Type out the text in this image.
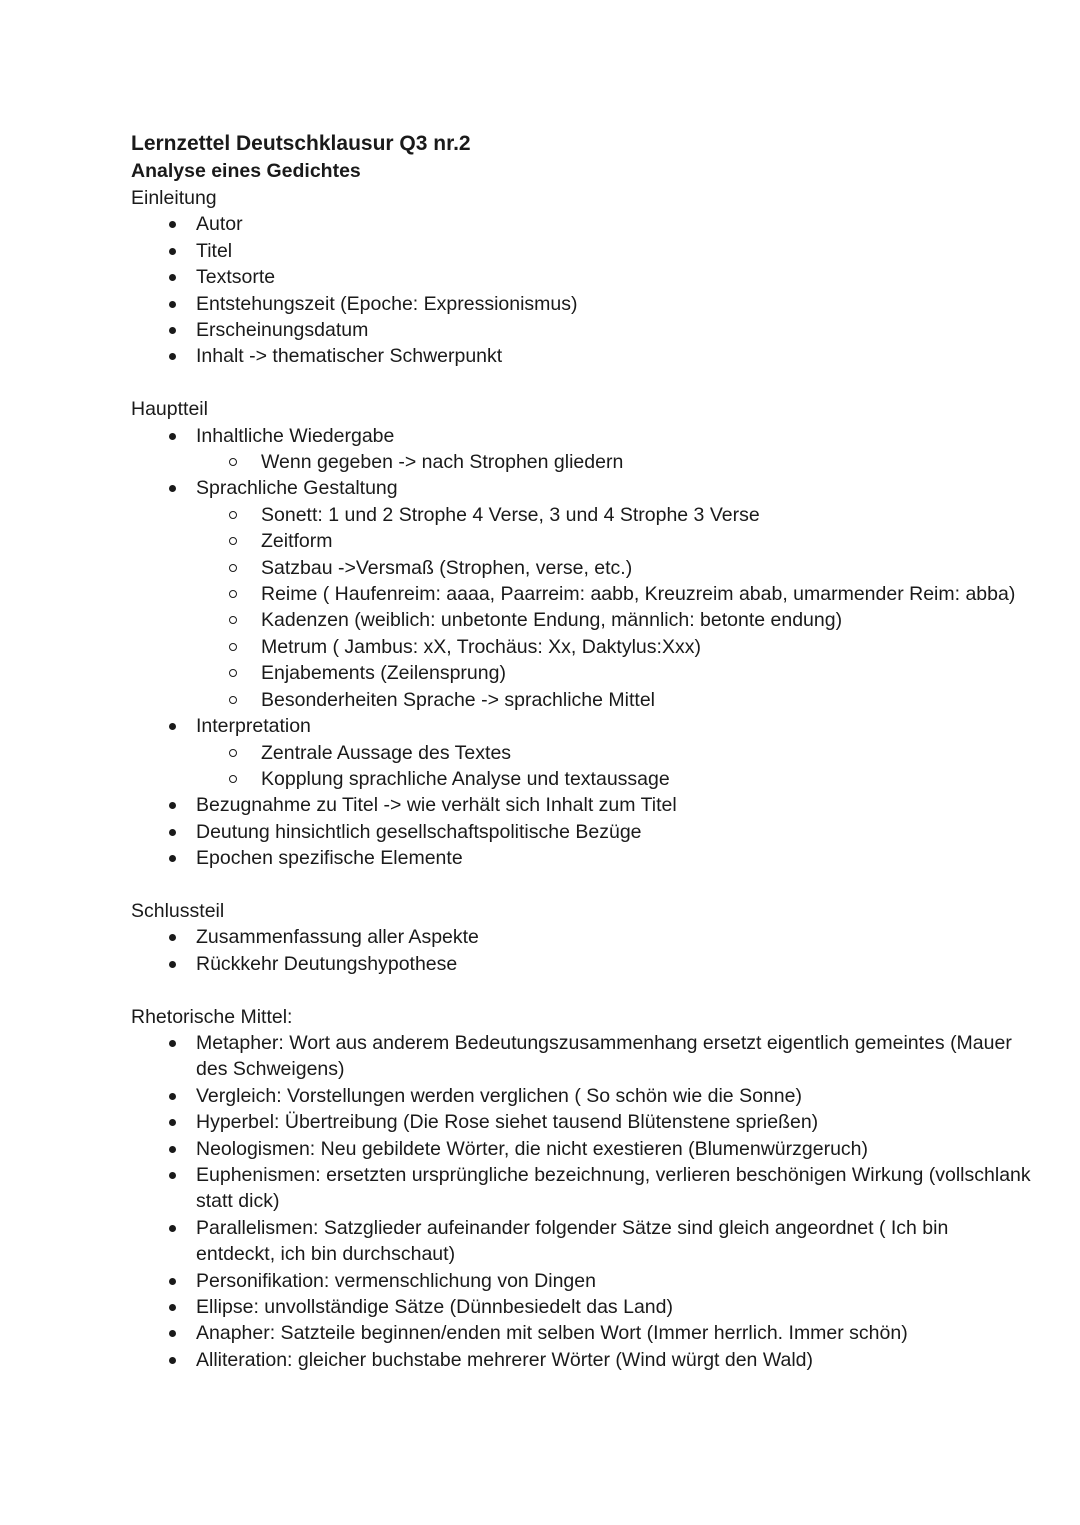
Lernzettel Deutschklausur Q3 nr.2
Analyse eines Gedichtes
Einleitung
Autor
Titel
Textsorte
Entstehungszeit (Epoche: Expressionismus)
Erscheinungsdatum
Inhalt -> thematischer Schwerpunkt
Hauptteil
Inhaltliche Wiedergabe
Wenn gegeben -> nach Strophen gliedern
Sprachliche Gestaltung
Sonett: 1 und 2 Strophe 4 Verse, 3 und 4 Strophe 3 Verse
Zeitform
Satzbau ->Versmaß (Strophen, verse, etc.)
Reime ( Haufenreim: aaaa, Paarreim: aabb, Kreuzreim abab, umarmender Reim: abba)
Kadenzen (weiblich: unbetonte Endung, männlich: betonte endung)
Metrum ( Jambus: xX, Trochäus: Xx, Daktylus:Xxx)
Enjabements (Zeilensprung)
Besonderheiten Sprache -> sprachliche Mittel
Interpretation
Zentrale Aussage des Textes
Kopplung sprachliche Analyse und textaussage
Bezugnahme zu Titel -> wie verhält sich Inhalt zum Titel
Deutung hinsichtlich gesellschaftspolitische Bezüge
Epochen spezifische Elemente
Schlussteil
Zusammenfassung aller Aspekte
Rückkehr Deutungshypothese
Rhetorische Mittel:
Metapher: Wort aus anderem Bedeutungszusammenhang ersetzt eigentlich gemeintes (Mauer des Schweigens)
Vergleich: Vorstellungen werden verglichen ( So schön wie die Sonne)
Hyperbel: Übertreibung (Die Rose siehet tausend Blütenstene sprießen)
Neologismen: Neu gebildete Wörter, die nicht exestieren (Blumenwürzgeruch)
Euphenismen: ersetzten ursprüngliche bezeichnung, verlieren beschönigen Wirkung (vollschlank statt dick)
Parallelismen: Satzglieder aufeinander folgender Sätze sind gleich angeordnet ( Ich bin entdeckt, ich bin durchschaut)
Personifikation: vermenschlichung von Dingen
Ellipse: unvollständige Sätze (Dünnbesiedelt das Land)
Anapher: Satzteile beginnen/enden mit selben Wort (Immer herrlich. Immer schön)
Alliteration: gleicher buchstabe mehrerer Wörter (Wind würgt den Wald)
